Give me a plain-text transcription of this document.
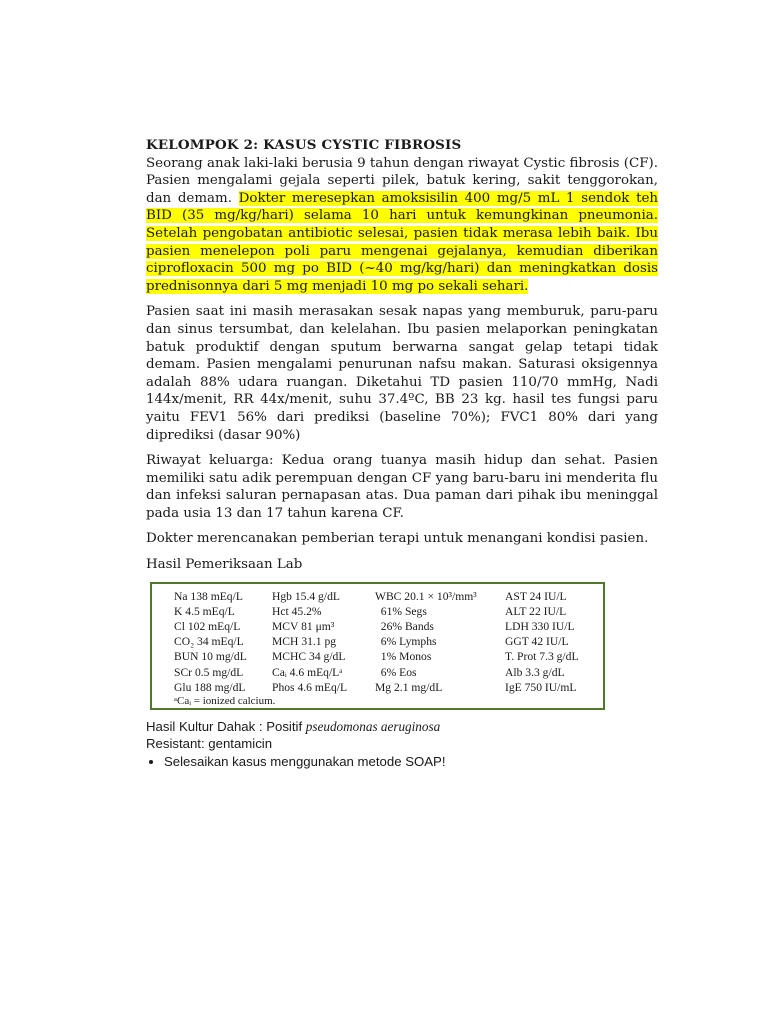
KELOMPOK 2: KASUS CYSTIC FIBROSIS

Seorang anak laki-laki berusia 9 tahun dengan riwayat Cystic fibrosis (CF). Pasien mengalami gejala seperti pilek, batuk kering, sakit tenggorokan, dan demam. Dokter meresepkan amoksisilin 400 mg/5 mL 1 sendok teh BID (35 mg/kg/hari) selama 10 hari untuk kemungkinan pneumonia. Setelah pengobatan antibiotic selesai, pasien tidak merasa lebih baik. Ibu pasien menelepon poli paru mengenai gejalanya, kemudian diberikan ciprofloxacin 500 mg po BID (~40 mg/kg/hari) dan meningkatkan dosis prednisonnya dari 5 mg menjadi 10 mg po sekali sehari.

Pasien saat ini masih merasakan sesak napas yang memburuk, paru-paru dan sinus tersumbat, dan kelelahan. Ibu pasien melaporkan peningkatan batuk produktif dengan sputum berwarna sangat gelap tetapi tidak demam. Pasien mengalami penurunan nafsu makan. Saturasi oksigennya adalah 88% udara ruangan. Diketahui TD pasien 110/70 mmHg, Nadi 144x/menit, RR 44x/menit, suhu 37.4ºC, BB 23 kg. hasil tes fungsi paru yaitu FEV1 56% dari prediksi (baseline 70%); FVC1 80% dari yang diprediksi (dasar 90%)

Riwayat keluarga: Kedua orang tuanya masih hidup dan sehat. Pasien memiliki satu adik perempuan dengan CF yang baru-baru ini menderita flu dan infeksi saluran pernapasan atas. Dua paman dari pihak ibu meninggal pada usia 13 dan 17 tahun karena CF.

Dokter merencanakan pemberian terapi untuk menangani kondisi pasien.

Hasil Pemeriksaan Lab

Na 138 mEq/L	Hgb 15.4 g/dL	WBC 20.1 × 10³/mm³	AST 24 IU/L
K 4.5 mEq/L	Hct 45.2%	61% Segs	ALT 22 IU/L
Cl 102 mEq/L	MCV 81 μm³	26% Bands	LDH 330 IU/L
CO₂ 34 mEq/L	MCH 31.1 pg	6% Lymphs	GGT 42 IU/L
BUN 10 mg/dL	MCHC 34 g/dL	1% Monos	T. Prot 7.3 g/dL
SCr 0.5 mg/dL	Caᵢ 4.6 mEq/Lᵃ	6% Eos	Alb 3.3 g/dL
Glu 188 mg/dL	Phos 4.6 mEq/L	Mg 2.1 mg/dL	IgE 750 IU/mL
ᵃCaᵢ = ionized calcium.

Hasil Kultur Dahak : Positif pseudomonas aeruginosa

Resistant: gentamicin

• Selesaikan kasus menggunakan metode SOAP!
